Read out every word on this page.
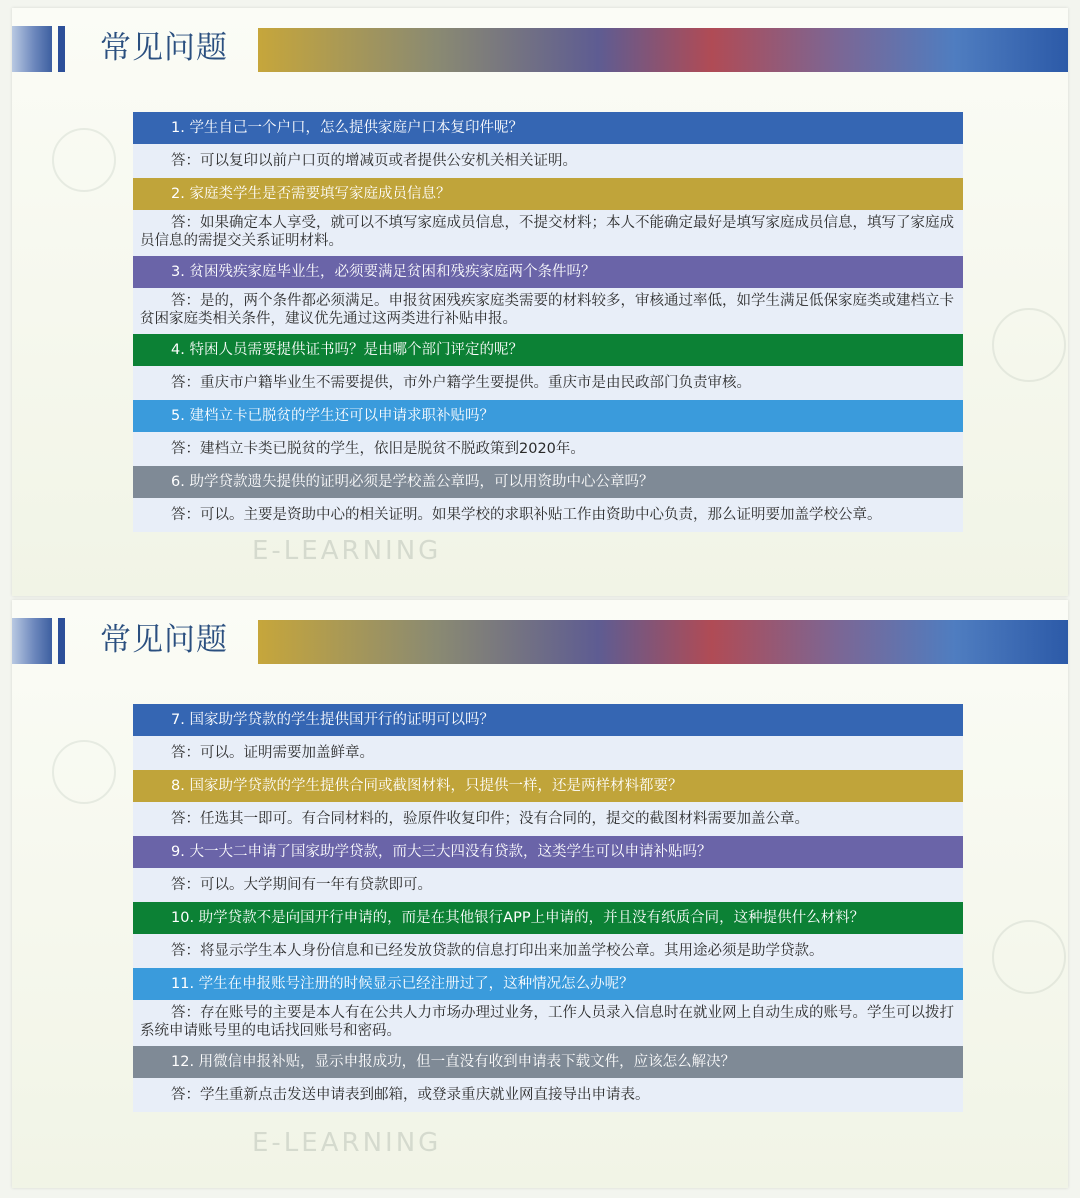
E-LEARNING
常见问题
1. 学生自己一个户口，怎么提供家庭户口本复印件呢？
答：可以复印以前户口页的增减页或者提供公安机关相关证明。
2. 家庭类学生是否需要填写家庭成员信息？
答：如果确定本人享受，就可以不填写家庭成员信息，不提交材料；本人不能确定最好是填写家庭成员信息，填写了家庭成员信息的需提交关系证明材料。
3. 贫困残疾家庭毕业生，必须要满足贫困和残疾家庭两个条件吗？
答：是的，两个条件都必须满足。申报贫困残疾家庭类需要的材料较多，审核通过率低，如学生满足低保家庭类或建档立卡贫困家庭类相关条件，建议优先通过这两类进行补贴申报。
4. 特困人员需要提供证书吗？是由哪个部门评定的呢？
答：重庆市户籍毕业生不需要提供，市外户籍学生要提供。重庆市是由民政部门负责审核。
5. 建档立卡已脱贫的学生还可以申请求职补贴吗？
答：建档立卡类已脱贫的学生，依旧是脱贫不脱政策到2020年。
6. 助学贷款遗失提供的证明必须是学校盖公章吗，可以用资助中心公章吗？
答：可以。主要是资助中心的相关证明。如果学校的求职补贴工作由资助中心负责，那么证明要加盖学校公章。
E-LEARNING
常见问题
7. 国家助学贷款的学生提供国开行的证明可以吗？
答：可以。证明需要加盖鲜章。
8. 国家助学贷款的学生提供合同或截图材料，只提供一样，还是两样材料都要？
答：任选其一即可。有合同材料的，验原件收复印件；没有合同的，提交的截图材料需要加盖公章。
9. 大一大二申请了国家助学贷款，而大三大四没有贷款，这类学生可以申请补贴吗？
答：可以。大学期间有一年有贷款即可。
10. 助学贷款不是向国开行申请的，而是在其他银行APP上申请的，并且没有纸质合同，这种提供什么材料？
答：将显示学生本人身份信息和已经发放贷款的信息打印出来加盖学校公章。其用途必须是助学贷款。
11. 学生在申报账号注册的时候显示已经注册过了，这种情况怎么办呢？
答：存在账号的主要是本人有在公共人力市场办理过业务，工作人员录入信息时在就业网上自动生成的账号。学生可以拨打系统申请账号里的电话找回账号和密码。
12. 用微信申报补贴，显示申报成功，但一直没有收到申请表下载文件，应该怎么解决？
答：学生重新点击发送申请表到邮箱，或登录重庆就业网直接导出申请表。
